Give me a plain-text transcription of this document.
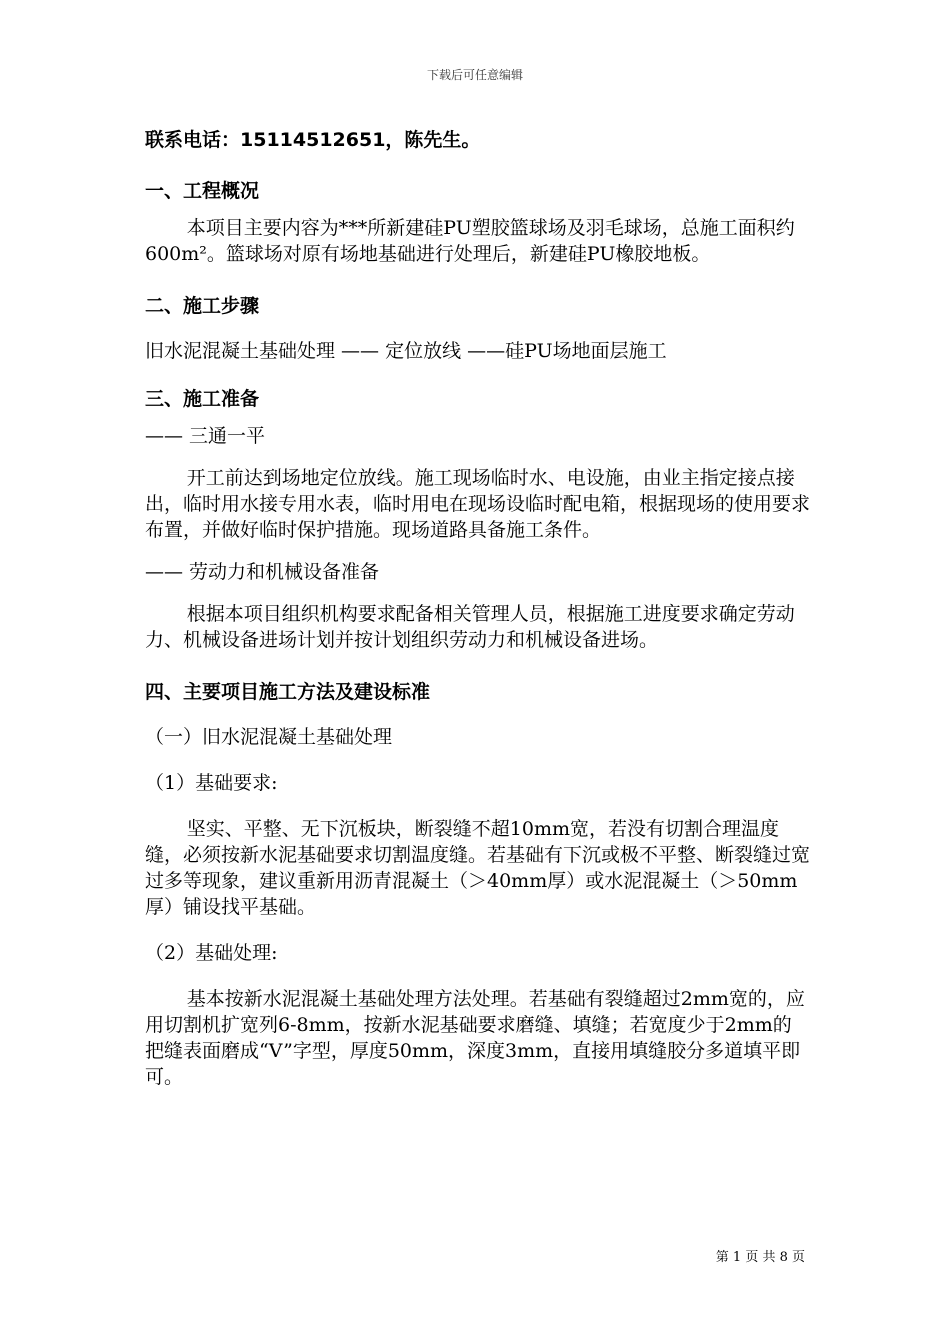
下载后可任意编辑
联系电话：15114512651，陈先生。
一、工程概况
本项目主要内容为***所新建硅PU塑胶篮球场及羽毛球场，总施工面积约600m²。篮球场对原有场地基础进行处理后，新建硅PU橡胶地板。
二、施工步骤
旧水泥混凝土基础处理 —— 定位放线 ——硅PU场地面层施工
三、施工准备
—— 三通一平
开工前达到场地定位放线。施工现场临时水、电设施，由业主指定接点接出，临时用水接专用水表，临时用电在现场设临时配电箱，根据现场的使用要求布置，并做好临时保护措施。现场道路具备施工条件。
—— 劳动力和机械设备准备
根据本项目组织机构要求配备相关管理人员，根据施工进度要求确定劳动力、机械设备进场计划并按计划组织劳动力和机械设备进场。
四、主要项目施工方法及建设标准
（一）旧水泥混凝土基础处理
（1）基础要求:
坚实、平整、无下沉板块，断裂缝不超10mm宽，若没有切割合理温度缝，必须按新水泥基础要求切割温度缝。若基础有下沉或极不平整、断裂缝过宽过多等现象，建议重新用沥青混凝土（＞40mm厚）或水泥混凝土（＞50mm厚）铺设找平基础。
（2）基础处理:
基本按新水泥混凝土基础处理方法处理。若基础有裂缝超过2mm宽的，应用切割机扩宽列6-8mm，按新水泥基础要求磨缝、填缝；若宽度少于2mm的把缝表面磨成“V”字型，厚度50mm，深度3mm，直接用填缝胶分多道填平即可。
第 1 页 共 8 页
